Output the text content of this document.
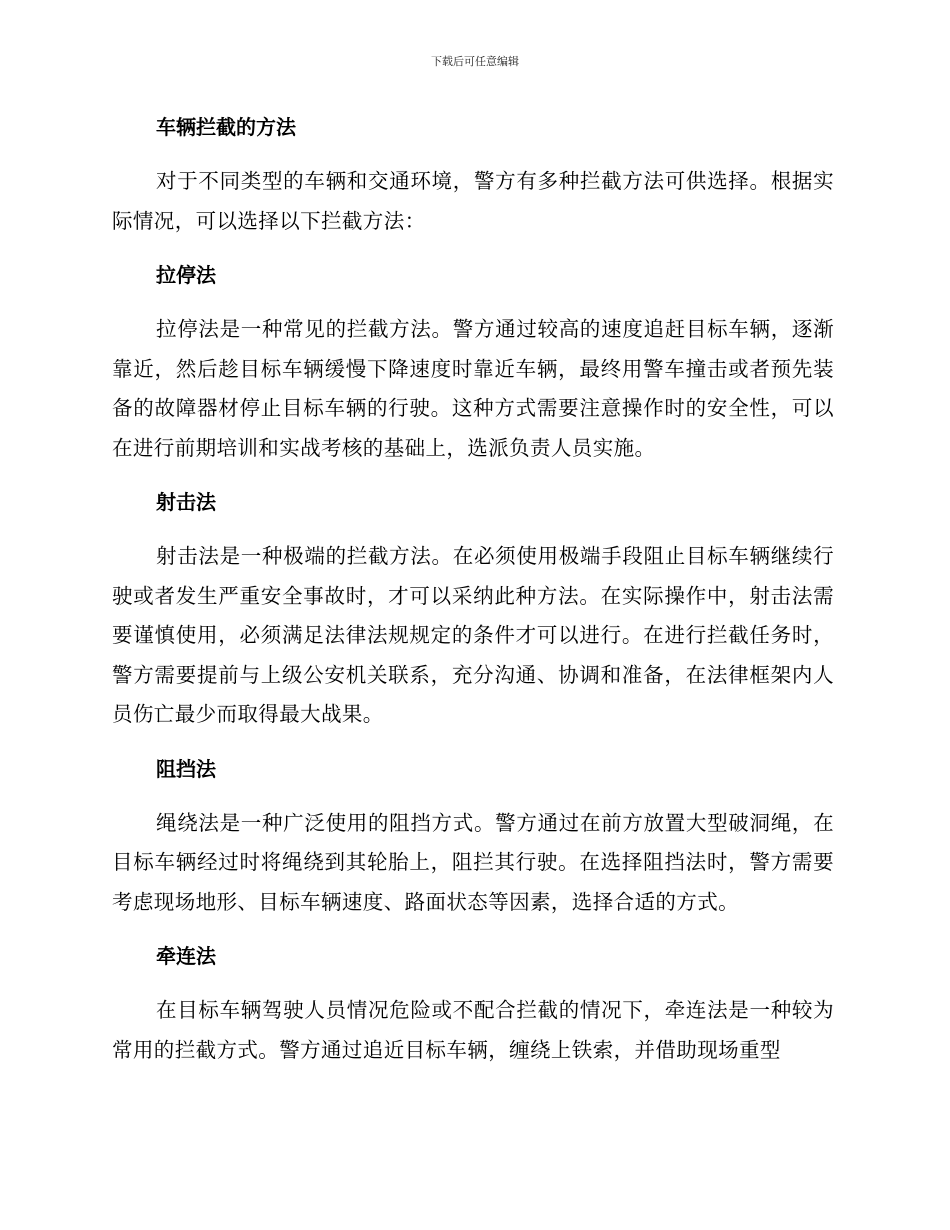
下载后可任意编辑
车辆拦截的方法

对于不同类型的车辆和交通环境，警方有多种拦截方法可供选择。根据实际情况，可以选择以下拦截方法：

拉停法

拉停法是一种常见的拦截方法。警方通过较高的速度追赶目标车辆，逐渐靠近，然后趁目标车辆缓慢下降速度时靠近车辆，最终用警车撞击或者预先装备的故障器材停止目标车辆的行驶。这种方式需要注意操作时的安全性，可以在进行前期培训和实战考核的基础上，选派负责人员实施。

射击法

射击法是一种极端的拦截方法。在必须使用极端手段阻止目标车辆继续行驶或者发生严重安全事故时，才可以采纳此种方法。在实际操作中，射击法需要谨慎使用，必须满足法律法规规定的条件才可以进行。在进行拦截任务时，警方需要提前与上级公安机关联系，充分沟通、协调和准备，在法律框架内人员伤亡最少而取得最大战果。

阻挡法

绳绕法是一种广泛使用的阻挡方式。警方通过在前方放置大型破洞绳，在目标车辆经过时将绳绕到其轮胎上，阻拦其行驶。在选择阻挡法时，警方需要考虑现场地形、目标车辆速度、路面状态等因素，选择合适的方式。

牵连法

在目标车辆驾驶人员情况危险或不配合拦截的情况下，牵连法是一种较为常用的拦截方式。警方通过追近目标车辆，缠绕上铁索，并借助现场重型
